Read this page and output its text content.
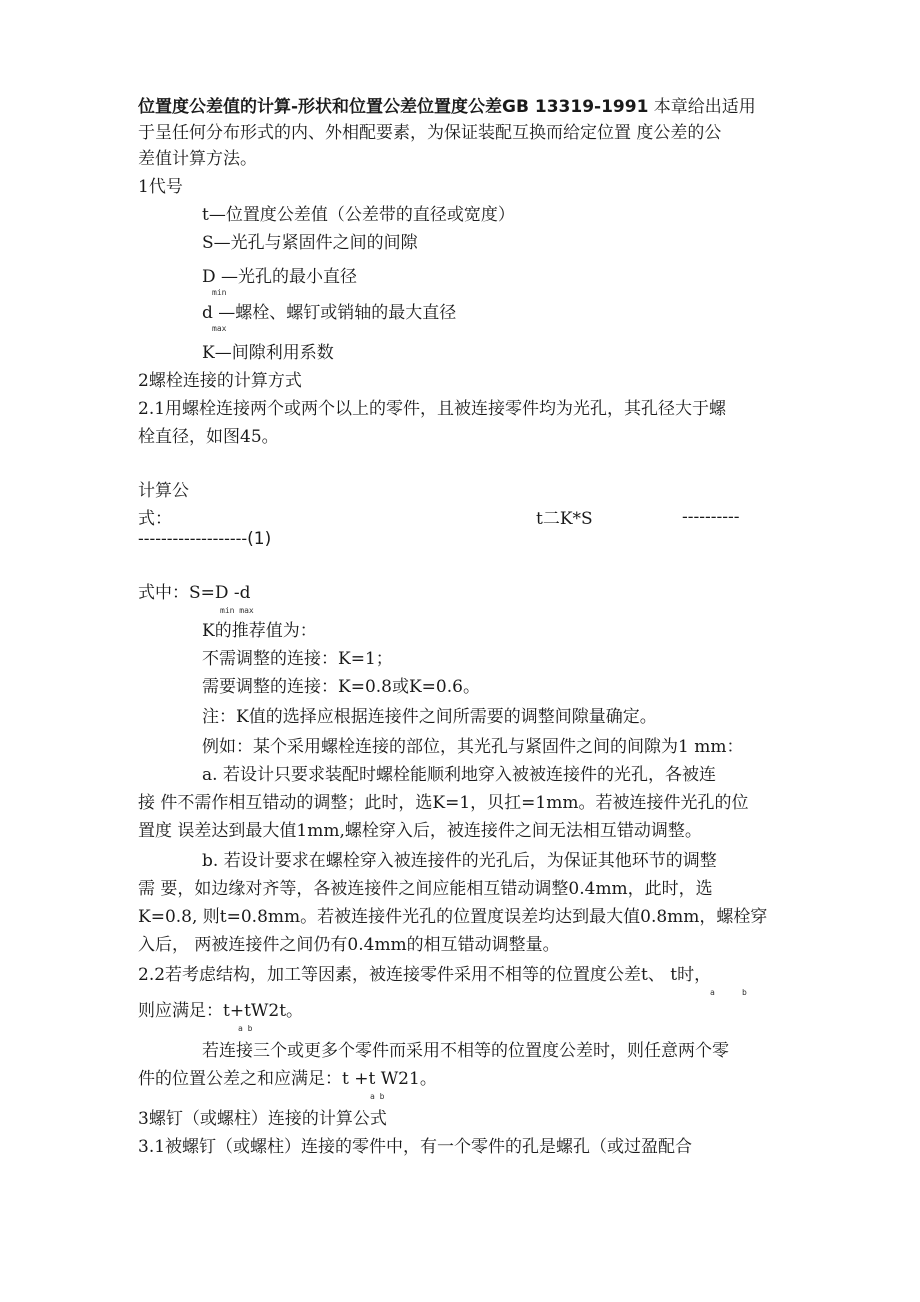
位置度公差值的计算-形状和位置公差位置度公差GB 13319-1991 本章给出适用
于呈任何分布形式的内、外相配要素，为保证装配互换而给定位置 度公差的公
差值计算方法。
1代号
t—位置度公差值（公差带的直径或宽度）
S—光孔与紧固件之间的间隙
D —光孔的最小直径
min
d —螺栓、螺钉或销轴的最大直径
max
K—间隙利用系数
2螺栓连接的计算方式
2.1用螺栓连接两个或两个以上的零件，且被连接零件均为光孔，其孔径大于螺
栓直径，如图45。
计算公
式：	t二K*S	----------
-------------------(1)
式中：S=D -d
min max
K的推荐值为：
不需调整的连接：K=1；
需要调整的连接：K=0.8或K=0.6。
注：K值的选择应根据连接件之间所需要的调整间隙量确定。
例如：某个采用螺栓连接的部位，其光孔与紧固件之间的间隙为1 mm：
a. 若设计只要求装配时螺栓能顺利地穿入被被连接件的光孔，各被连
接 件不需作相互错动的调整；此时，选K=1，贝扛=1mm。若被连接件光孔的位
置度 误差达到最大值1mm,螺栓穿入后，被连接件之间无法相互错动调整。
b. 若设计要求在螺栓穿入被连接件的光孔后，为保证其他环节的调整
需 要，如边缘对齐等，各被连接件之间应能相互错动调整0.4mm，此时，选
K=0.8, 则t=0.8mm。若被连接件光孔的位置度误差均达到最大值0.8mm，螺栓穿
入后， 两被连接件之间仍有0.4mm的相互错动调整量。
2.2若考虑结构，加工等因素，被连接零件采用不相等的位置度公差t、 t时，
a	b
则应满足：t+tW2t。
a b
若连接三个或更多个零件而采用不相等的位置度公差时，则任意两个零
件的位置公差之和应满足：t +t W21。
a b
3螺钉（或螺柱）连接的计算公式
3.1被螺钉（或螺柱）连接的零件中，有一个零件的孔是螺孔（或过盈配合
